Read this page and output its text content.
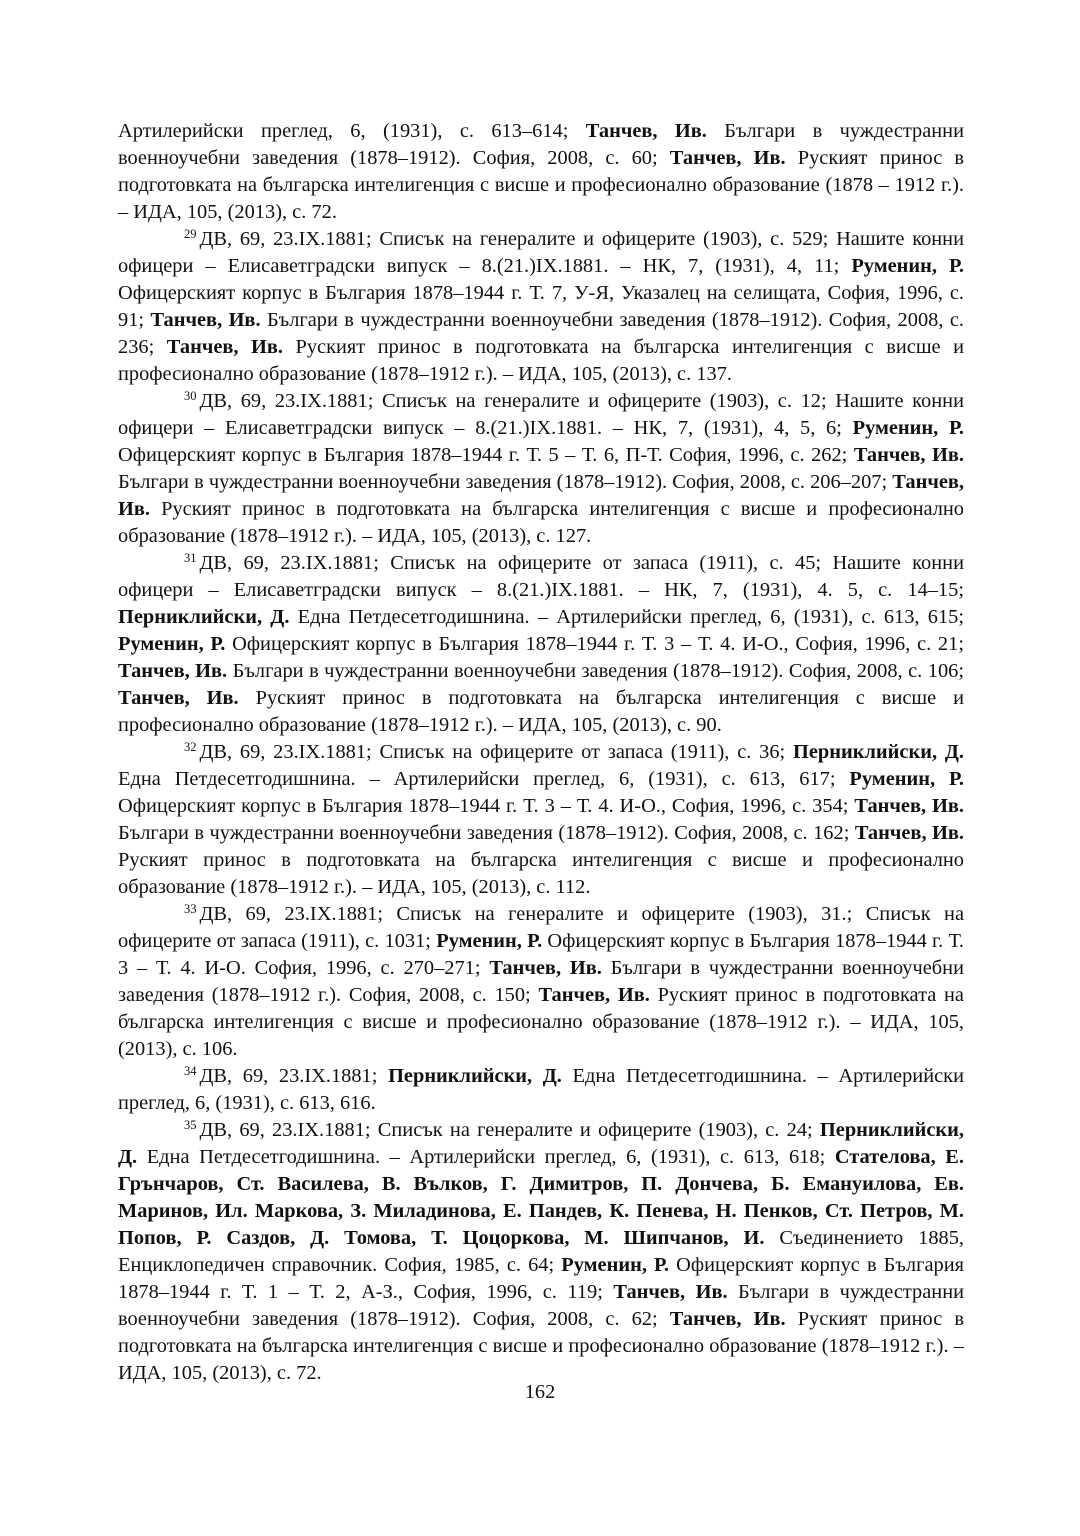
Артилерийски преглед, 6, (1931), с. 613–614; Танчев, Ив. Българи в чуждестранни военноучебни заведения (1878–1912). София, 2008, с. 60; Танчев, Ив. Руският принос в подготовката на българска интелигенция с висше и професионално образование (1878 – 1912 г.). – ИДА, 105, (2013), с. 72.

$^{29}$ ДВ, 69, 23.IX.1881; Списък на генералите и офицерите (1903), с. 529; Нашите конни офицери – Елисаветградски випуск – 8.(21.)IX.1881. – НК, 7, (1931), 4, 11; Руменин, Р. Офицерският корпус в България 1878–1944 г. Т. 7, У-Я, Указалец на селищата, София, 1996, с. 91; Танчев, Ив. Българи в чуждестранни военноучебни заведения (1878–1912). София, 2008, с. 236; Танчев, Ив. Руският принос в подготовката на българска интелигенция с висше и професионално образование (1878–1912 г.). – ИДА, 105, (2013), с. 137.

$^{30}$ ДВ, 69, 23.IX.1881; Списък на генералите и офицерите (1903), с. 12; Нашите конни офицери – Елисаветградски випуск – 8.(21.)IX.1881. – НК, 7, (1931), 4, 5, 6; Руменин, Р. Офицерският корпус в България 1878–1944 г. Т. 5 – Т. 6, П-Т. София, 1996, с. 262; Танчев, Ив. Българи в чуждестранни военноучебни заведения (1878–1912). София, 2008, с. 206–207; Танчев, Ив. Руският принос в подготовката на българска интелигенция с висше и професионално образование (1878–1912 г.). – ИДА, 105, (2013), с. 127.

$^{31}$ ДВ, 69, 23.IX.1881; Списък на офицерите от запаса (1911), с. 45; Нашите конни офицери – Елисаветградски випуск – 8.(21.)IX.1881. – НК, 7, (1931), 4. 5, с. 14–15; Перниклийски, Д. Една Петдесетгодишнина. – Артилерийски преглед, 6, (1931), с. 613, 615; Руменин, Р. Офицерският корпус в България 1878–1944 г. Т. 3 – Т. 4. И-О., София, 1996, с. 21; Танчев, Ив. Българи в чуждестранни военноучебни заведения (1878–1912). София, 2008, с. 106; Танчев, Ив. Руският принос в подготовката на българска интелигенция с висше и професионално образование (1878–1912 г.). – ИДА, 105, (2013), с. 90.

$^{32}$ ДВ, 69, 23.IX.1881; Списък на офицерите от запаса (1911), с. 36; Перниклийски, Д. Една Петдесетгодишнина. – Артилерийски преглед, 6, (1931), с. 613, 617; Руменин, Р. Офицерският корпус в България 1878–1944 г. Т. 3 – Т. 4. И-О., София, 1996, с. 354; Танчев, Ив. Българи в чуждестранни военноучебни заведения (1878–1912). София, 2008, с. 162; Танчев, Ив. Руският принос в подготовката на българска интелигенция с висше и професионално образование (1878–1912 г.). – ИДА, 105, (2013), с. 112.

$^{33}$ ДВ, 69, 23.IX.1881; Списък на генералите и офицерите (1903), 31.; Списък на офицерите от запаса (1911), с. 1031; Руменин, Р. Офицерският корпус в България 1878–1944 г. Т. 3 – Т. 4. И-О. София, 1996, с. 270–271; Танчев, Ив. Българи в чуждестранни военноучебни заведения (1878–1912 г.). София, 2008, с. 150; Танчев, Ив. Руският принос в подготовката на българска интелигенция с висше и професионално образование (1878–1912 г.). – ИДА, 105, (2013), с. 106.

$^{34}$ ДВ, 69, 23.IX.1881; Перниклийски, Д. Една Петдесетгодишнина. – Артилерийски преглед, 6, (1931), с. 613, 616.

$^{35}$ ДВ, 69, 23.IX.1881; Списък на генералите и офицерите (1903), с. 24; Перниклийски, Д. Една Петдесетгодишнина. – Артилерийски преглед, 6, (1931), с. 613, 618; Стателова, Е. Грънчаров, Ст. Василева, В. Вълков, Г. Димитров, П. Дончева, Б. Емануилова, Ев. Маринов, Ил. Маркова, З. Миладинова, Е. Пандев, К. Пенева, Н. Пенков, Ст. Петров, М. Попов, Р. Саздов, Д. Томова, Т. Цоцоркова, М. Шипчанов, И. Съединението 1885, Енциклопедичен справочник. София, 1985, с. 64; Руменин, Р. Офицерският корпус в България 1878–1944 г. Т. 1 – Т. 2, А-З., София, 1996, с. 119; Танчев, Ив. Българи в чуждестранни военноучебни заведения (1878–1912). София, 2008, с. 62; Танчев, Ив. Руският принос в подготовката на българска интелигенция с висше и професионално образование (1878–1912 г.). – ИДА, 105, (2013), с. 72.

162
